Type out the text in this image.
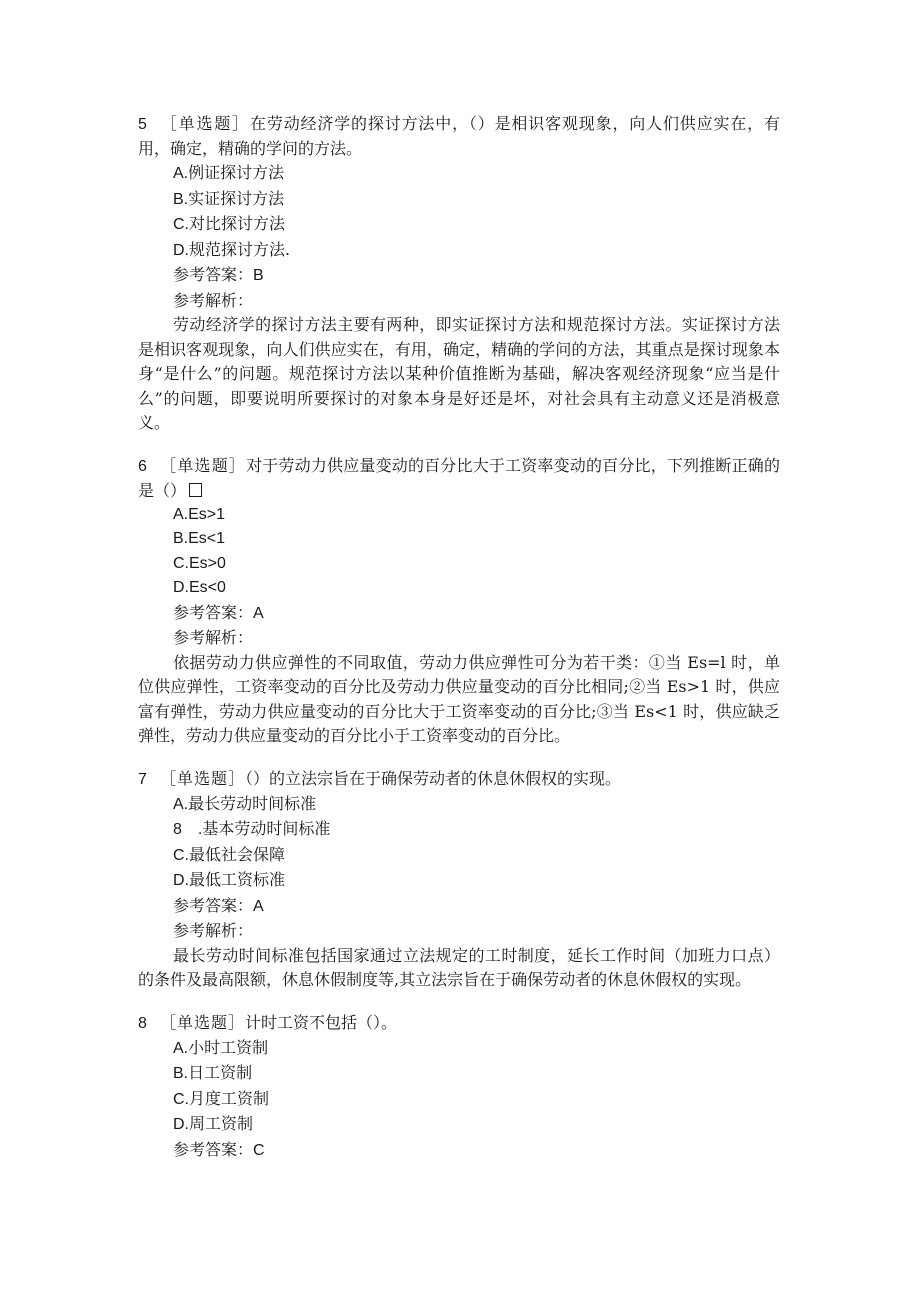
5 ［单选题］在劳动经济学的探讨方法中，（）是相识客观现象，向人们供应实在，有用，确定，精确的学问的方法。
A.例证探讨方法
B.实证探讨方法
C.对比探讨方法
D.规范探讨方法.
参考答案：B
参考解析：

劳动经济学的探讨方法主要有两种，即实证探讨方法和规范探讨方法。实证探讨方法是相识客观现象，向人们供应实在，有用，确定，精确的学问的方法，其重点是探讨现象本身“是什么”的问题。规范探讨方法以某种价值推断为基础，解决客观经济现象“应当是什么”的问题，即要说明所要探讨的对象本身是好还是坏，对社会具有主动意义还是消极意义。

6 ［单选题］对于劳动力供应量变动的百分比大于工资率变动的百分比，下列推断正确的是（）
A.Es>1
B.Es<1
C.Es>0
D.Es<0
参考答案：A
参考解析：

依据劳动力供应弹性的不同取值，劳动力供应弹性可分为若干类：①当 Es=l 时，单位供应弹性，工资率变动的百分比及劳动力供应量变动的百分比相同;②当 Es>1 时，供应富有弹性，劳动力供应量变动的百分比大于工资率变动的百分比;③当 Es<1 时，供应缺乏弹性，劳动力供应量变动的百分比小于工资率变动的百分比。

7 ［单选题］（）的立法宗旨在于确保劳动者的休息休假权的实现。
A.最长劳动时间标准
8　.基本劳动时间标准
C.最低社会保障
D.最低工资标准
参考答案：A
参考解析：

最长劳动时间标准包括国家通过立法规定的工时制度，延长工作时间（加班力口点）的条件及最高限额，休息休假制度等,其立法宗旨在于确保劳动者的休息休假权的实现。

8 ［单选题］计时工资不包括（）。
A.小时工资制
B.日工资制
C.月度工资制
D.周工资制
参考答案：C
